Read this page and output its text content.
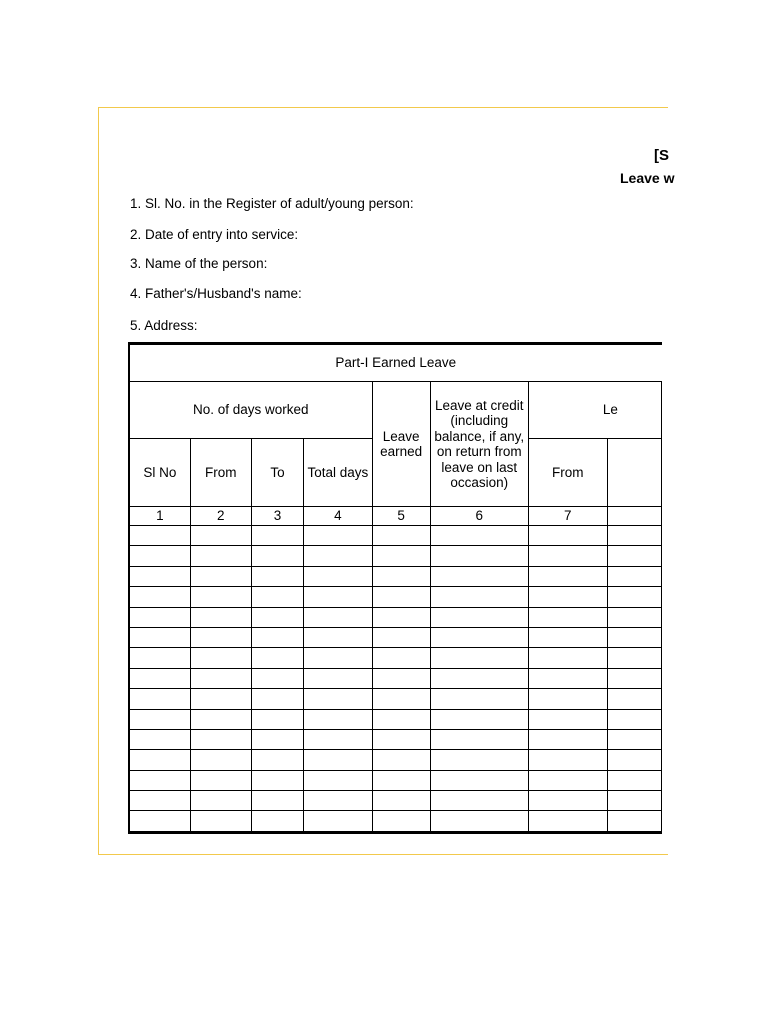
[S
Leave w
1. Sl. No. in the Register of adult/young person:
2. Date of entry into service:
3. Name of the person:
4. Father's/Husband's name:
5. Address:
Part-I Earned Leave							
No. of days worked				Leave earned	Leave at credit (including balance, if any, on return from leave on last occasion)	Le	
Sl No	From	To	Total days			From	
1	2	3	4	5	6	7	
